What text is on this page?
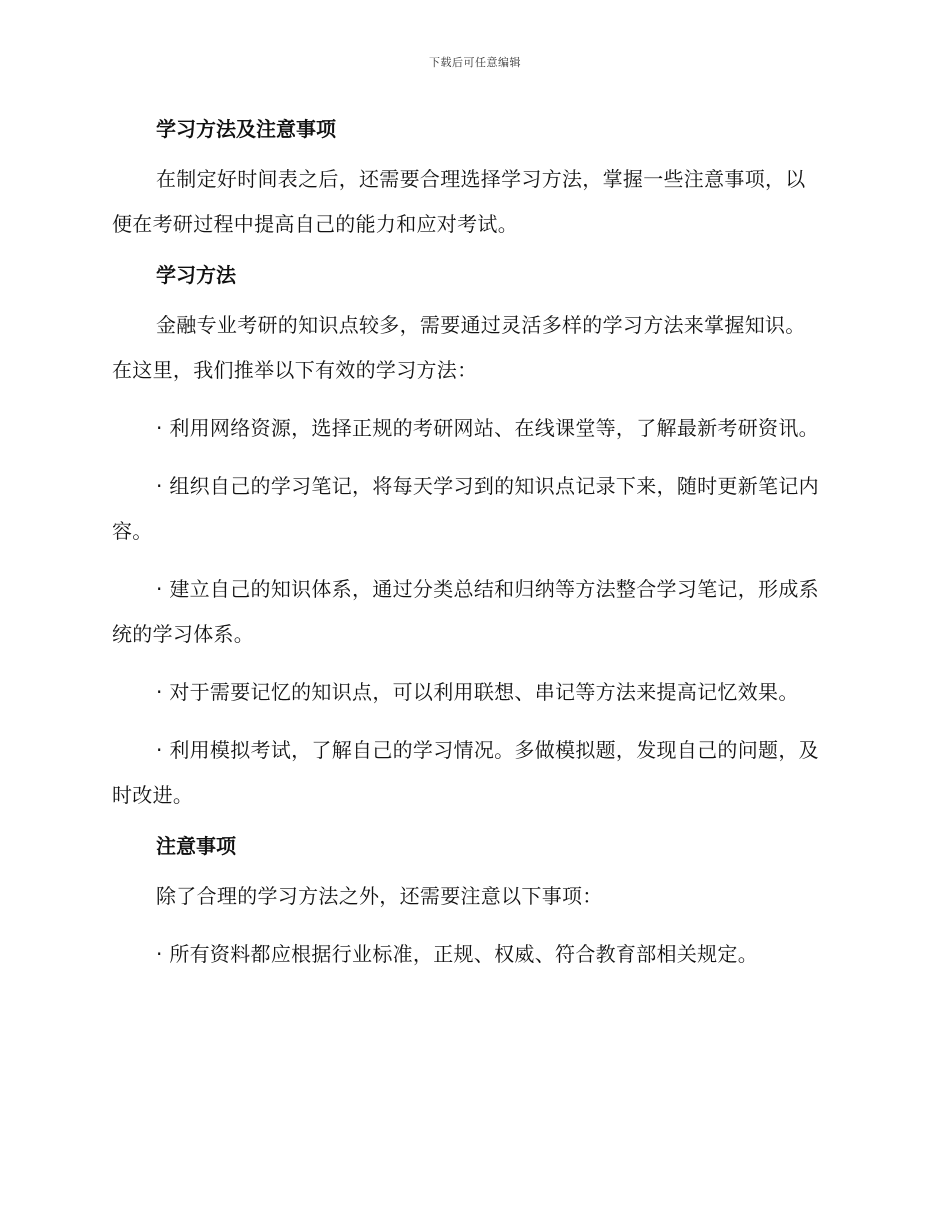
下载后可任意编辑
学习方法及注意事项

在制定好时间表之后，还需要合理选择学习方法，掌握一些注意事项，以便在考研过程中提高自己的能力和应对考试。

学习方法

金融专业考研的知识点较多，需要通过灵活多样的学习方法来掌握知识。在这里，我们推举以下有效的学习方法：

· 利用网络资源，选择正规的考研网站、在线课堂等，了解最新考研资讯。

· 组织自己的学习笔记，将每天学习到的知识点记录下来，随时更新笔记内容。

· 建立自己的知识体系，通过分类总结和归纳等方法整合学习笔记，形成系统的学习体系。

· 对于需要记忆的知识点，可以利用联想、串记等方法来提高记忆效果。

· 利用模拟考试，了解自己的学习情况。多做模拟题，发现自己的问题，及时改进。

注意事项

除了合理的学习方法之外，还需要注意以下事项：

· 所有资料都应根据行业标准，正规、权威、符合教育部相关规定。
